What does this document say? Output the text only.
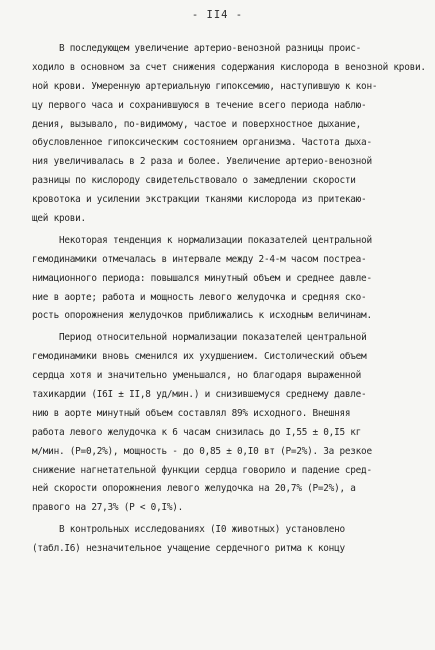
- II4 -
В последующем увеличение артерио-венозной разницы проис-
ходило в основном за счет снижения содержания кислорода в венозной крови.
ной крови. Умеренную артериальную гипоксемию, наступившую к кон-
цу первого часа и сохранившуюся в течение всего периода наблю-
дения, вызывало, по-видимому, частое и поверхностное дыхание,
обусловленное гипоксическим состоянием организма. Частота дыха-
ния увеличивалась в 2 раза и более. Увеличение артерио-венозной
разницы по кислороду свидетельствовало о замедлении скорости
кровотока и усилении экстракции тканями кислорода из притекаю-
щей крови.
Некоторая тенденция к нормализации показателей центральной
гемодинамики отмечалась в интервале между 2-4-м часом постреа-
нимационного периода: повышался минутный объем и среднее давле-
ние в аорте; работа и мощность левого желудочка и средняя ско-
рость опорожнения желудочков приближались к исходным величинам.
Период относительной нормализации показателей центральной
гемодинамики вновь сменился их ухудшением. Систолический объем
сердца хотя и значительно уменьшался, но благодаря выраженной
тахикардии (I6I ± II,8 уд/мин.) и снизившемуся среднему давле-
нию в аорте минутный объем составлял 89% исходного. Внешняя
работа левого желудочка к 6 часам снизилась до I,55 ± 0,I5 кг
м/мин. (P=0,2%), мощность - до 0,85 ± 0,I0 вт (P=2%). За резкое
снижение нагнетательной функции сердца говорило и падение сред-
ней скорости опорожнения левого желудочка на 20,7% (P=2%), а
правого на 27,3% (P < 0,I%).
В контрольных исследованиях (I0 животных) установлено
(табл.I6) незначительное учащение сердечного ритма к концу
